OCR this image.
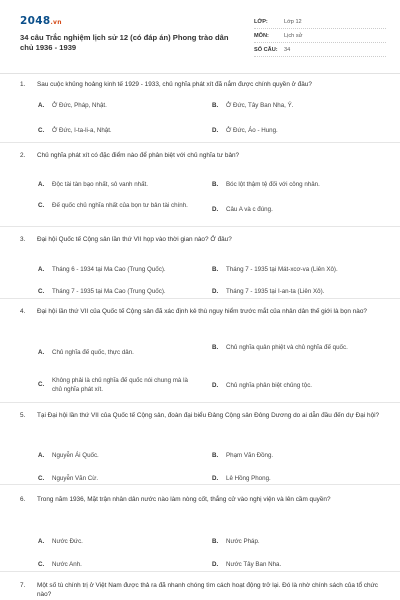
2048.vn
34 câu Trắc nghiệm lịch sử 12 (có đáp án) Phong trào dân chủ 1936 - 1939
LỚP:	Lớp 12
MÔN:	Lịch sử
SỐ CÂU:	34
1.	Sau cuộc khủng hoảng kinh tế 1929 - 1933, chủ nghĩa phát xít đã nắm được chính quyền ở đâu?
A.	Ở Đức, Pháp, Nhật.	B.	Ở Đức, Tây Ban Nha, Ý.
C.	Ở Đức, I-ta-li-a, Nhật.	D.	Ở Đức, Áo - Hung.
2.	Chủ nghĩa phát xít có đặc điểm nào để phân biệt với chủ nghĩa tư bản?
A.	Độc tài tàn bạo nhất, sô vanh nhất.	B.	Bóc lột thậm tệ đối với công nhân.
C.	Đế quốc chủ nghĩa nhất của bọn tư bản tài chính.
D.	Câu A và c đúng.
3.	Đại hội Quốc tế Cộng sản lần thứ VII họp vào thời gian nào? Ở đâu?
A.	Tháng 6 - 1934 tại Ma Cao (Trung Quốc).	B.	Tháng 7 - 1935 tại Mát-xcơ-va (Liên Xô).
C.	Tháng 7 - 1935 tại Ma Cao (Trung Quốc).	D.	Tháng 7 - 1935 tại I-an-ta (Liên Xô).
4.	Đại hội lần thứ VII của Quốc tế Cộng sản đã xác định kẻ thù nguy hiểm trước mắt của nhân dân thế giới là bọn nào?
A.	Chủ nghĩa đế quốc, thực dân.
B.	Chủ nghĩa quân phiệt và chủ nghĩa đế quốc.
C.
Không phải là chủ nghĩa đế quốc nói chung mà là chủ nghĩa phát xít.
D.	Chủ nghĩa phân biệt chủng tộc.
5.	Tại Đại hội lần thứ VII của Quốc tế Cộng sản, đoàn đại biểu Đảng Cộng sản Đông Dương do ai dẫn đầu đến dự Đại hội?
A.	Nguyễn Ái Quốc.	B.	Phạm Văn Đồng.
C.	Nguyễn Văn Cừ.	D.	Lê Hồng Phong.
6.	Trong năm 1936, Mặt trận nhân dân nước nào làm nòng cốt, thắng cử vào nghị viện và lên cầm quyền?
A.	Nước Đức.	B.	Nước Pháp.
C.	Nước Anh.	D.	Nước Tây Ban Nha.
7.	Một số tù chính trị ở Việt Nam được thả ra đã nhanh chóng tìm cách hoạt động trở lại. Đó là nhờ chính sách của tổ chức nào?
